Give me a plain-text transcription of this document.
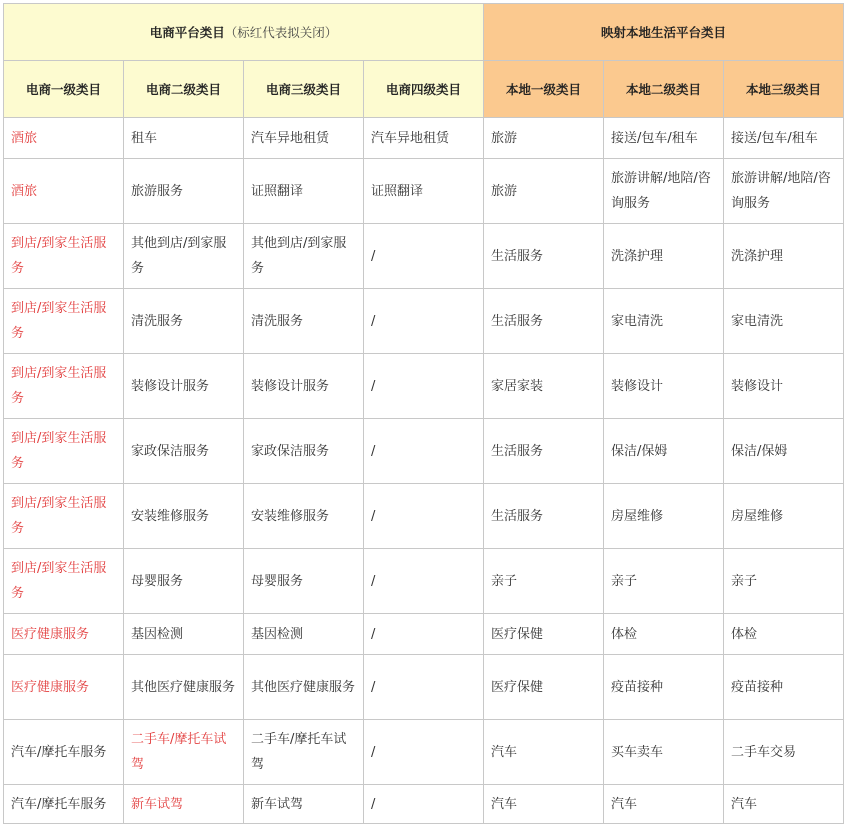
电商平台类目（标红代表拟关闭）				映射本地生活平台类目		
电商一级类目	电商二级类目	电商三级类目	电商四级类目	本地一级类目	本地二级类目	本地三级类目
酒旅	租车	汽车异地租赁	汽车异地租赁	旅游	接送/包车/租车	接送/包车/租车
酒旅	旅游服务	证照翻译	证照翻译	旅游	旅游讲解/地陪/咨询服务	旅游讲解/地陪/咨询服务
到店/到家生活服务	其他到店/到家服务	其他到店/到家服务	/	生活服务	洗涤护理	洗涤护理
到店/到家生活服务	清洗服务	清洗服务	/	生活服务	家电清洗	家电清洗
到店/到家生活服务	装修设计服务	装修设计服务	/	家居家装	装修设计	装修设计
到店/到家生活服务	家政保洁服务	家政保洁服务	/	生活服务	保洁/保姆	保洁/保姆
到店/到家生活服务	安装维修服务	安装维修服务	/	生活服务	房屋维修	房屋维修
到店/到家生活服务	母婴服务	母婴服务	/	亲子	亲子	亲子
医疗健康服务	基因检测	基因检测	/	医疗保健	体检	体检
医疗健康服务	其他医疗健康服务	其他医疗健康服务	/	医疗保健	疫苗接种	疫苗接种
汽车/摩托车服务	二手车/摩托车试驾	二手车/摩托车试驾	/	汽车	买车卖车	二手车交易
汽车/摩托车服务	新车试驾	新车试驾	/	汽车	汽车	汽车
